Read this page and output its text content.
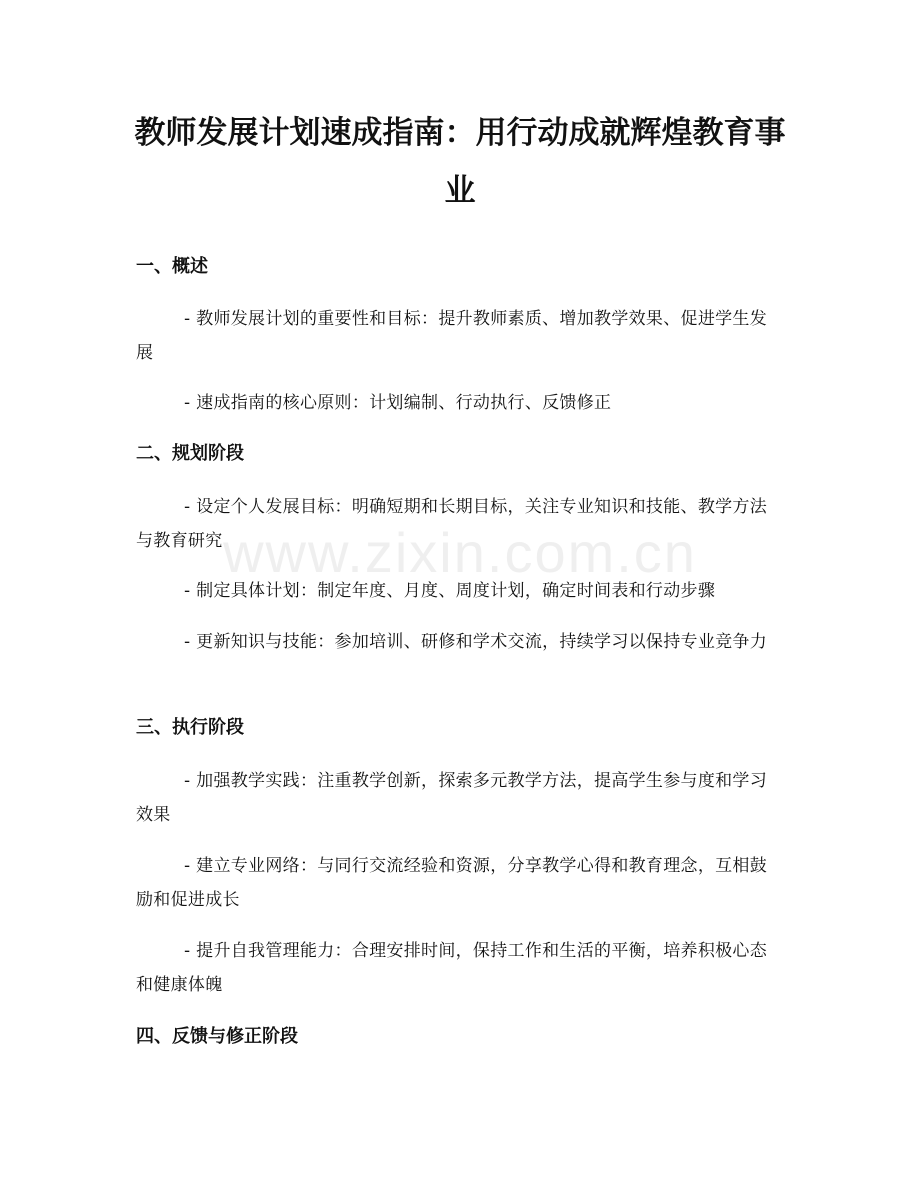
教师发展计划速成指南：用行动成就辉煌教育事业
www.zixin.com.cn
一、概述

- 教师发展计划的重要性和目标：提升教师素质、增加教学效果、促进学生发展

- 速成指南的核心原则：计划编制、行动执行、反馈修正

二、规划阶段

- 设定个人发展目标：明确短期和长期目标，关注专业知识和技能、教学方法与教育研究

- 制定具体计划：制定年度、月度、周度计划，确定时间表和行动步骤

- 更新知识与技能：参加培训、研修和学术交流，持续学习以保持专业竞争力

三、执行阶段

- 加强教学实践：注重教学创新，探索多元教学方法，提高学生参与度和学习效果

- 建立专业网络：与同行交流经验和资源，分享教学心得和教育理念，互相鼓励和促进成长

- 提升自我管理能力：合理安排时间，保持工作和生活的平衡，培养积极心态和健康体魄

四、反馈与修正阶段
